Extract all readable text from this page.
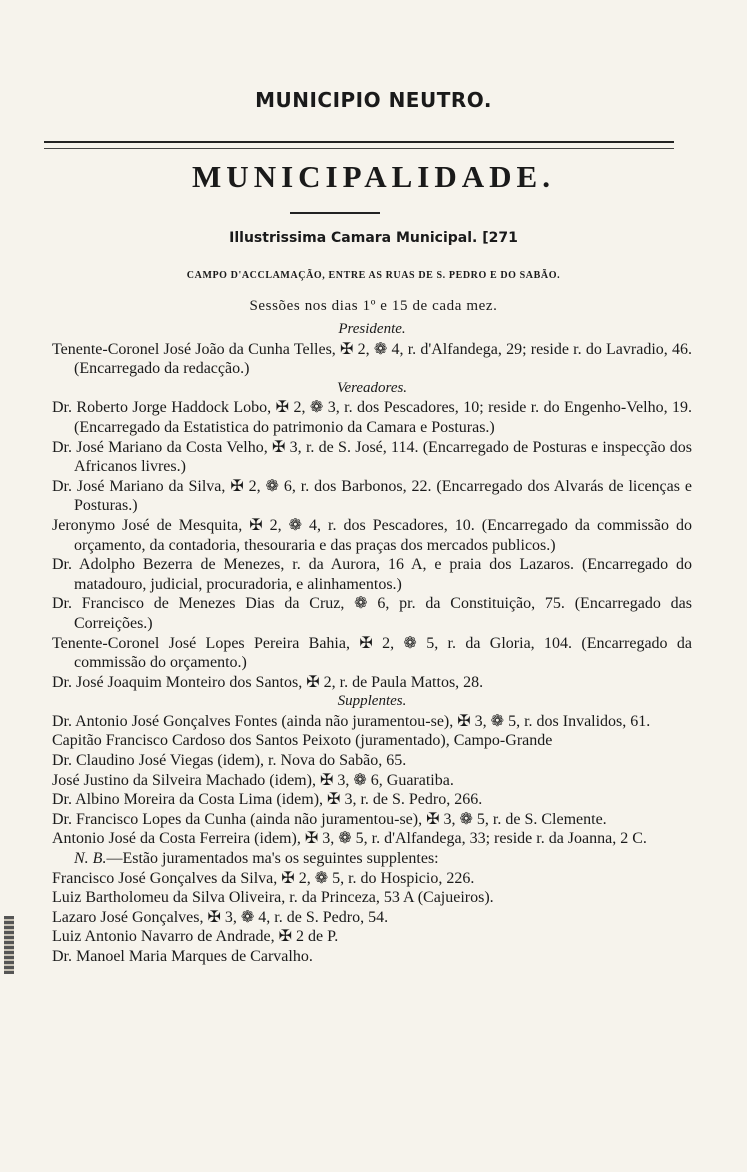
MUNICIPIO NEUTRO.
MUNICIPALIDADE.
Illustrissima Camara Municipal. [271
CAMPO D'ACCLAMAÇÃO, ENTRE AS RUAS DE S. PEDRO E DO SABÃO.
Sessões nos dias 1º e 15 de cada mez.
Presidente.

Tenente-Coronel José João da Cunha Telles, ✠ 2, ❁ 4, r. d'Alfandega, 29; reside r. do Lavradio, 46. (Encarregado da redacção.)

Vereadores.

Dr. Roberto Jorge Haddock Lobo, ✠ 2, ❁ 3, r. dos Pescadores, 10; reside r. do Engenho-Velho, 19. (Encarregado da Estatistica do patrimonio da Camara e Posturas.)

Dr. José Mariano da Costa Velho, ✠ 3, r. de S. José, 114. (Encarregado de Posturas e inspecção dos Africanos livres.)

Dr. José Mariano da Silva, ✠ 2, ❁ 6, r. dos Barbonos, 22. (Encarregado dos Alvarás de licenças e Posturas.)

Jeronymo José de Mesquita, ✠ 2, ❁ 4, r. dos Pescadores, 10. (Encarregado da commissão do orçamento, da contadoria, thesouraria e das praças dos mercados publicos.)

Dr. Adolpho Bezerra de Menezes, r. da Aurora, 16 A, e praia dos Lazaros. (Encarregado do matadouro, judicial, procuradoria, e alinhamentos.)

Dr. Francisco de Menezes Dias da Cruz, ❁ 6, pr. da Constituição, 75. (Encarregado das Correições.)

Tenente-Coronel José Lopes Pereira Bahia, ✠ 2, ❁ 5, r. da Gloria, 104. (Encarregado da commissão do orçamento.)

Dr. José Joaquim Monteiro dos Santos, ✠ 2, r. de Paula Mattos, 28.

Supplentes.

Dr. Antonio José Gonçalves Fontes (ainda não juramentou-se), ✠ 3, ❁ 5, r. dos Invalidos, 61.

Capitão Francisco Cardoso dos Santos Peixoto (juramentado), Campo-Grande

Dr. Claudino José Viegas (idem), r. Nova do Sabão, 65.

José Justino da Silveira Machado (idem), ✠ 3, ❁ 6, Guaratiba.

Dr. Albino Moreira da Costa Lima (idem), ✠ 3, r. de S. Pedro, 266.

Dr. Francisco Lopes da Cunha (ainda não juramentou-se), ✠ 3, ❁ 5, r. de S. Clemente.

Antonio José da Costa Ferreira (idem), ✠ 3, ❁ 5, r. d'Alfandega, 33; reside r. da Joanna, 2 C.

N. B.—Estão juramentados ma's os seguintes supplentes:

Francisco José Gonçalves da Silva, ✠ 2, ❁ 5, r. do Hospicio, 226.

Luiz Bartholomeu da Silva Oliveira, r. da Princeza, 53 A (Cajueiros).

Lazaro José Gonçalves, ✠ 3, ❁ 4, r. de S. Pedro, 54.

Luiz Antonio Navarro de Andrade, ✠ 2 de P.

Dr. Manoel Maria Marques de Carvalho.
